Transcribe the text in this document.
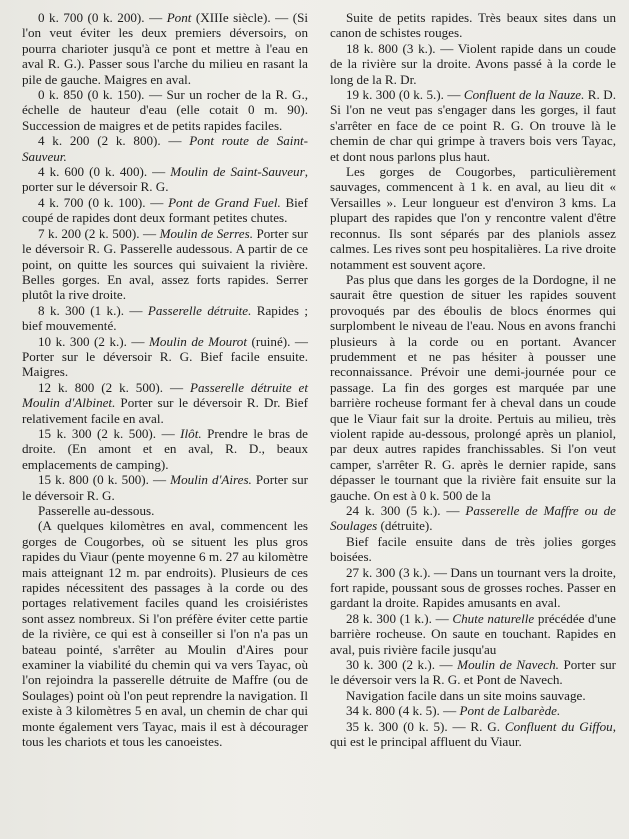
0 k. 700 (0 k. 200). — Pont (XIIIe siècle). — (Si l'on veut éviter les deux premiers déversoirs, on pourra charioter jusqu'à ce pont et mettre à l'eau en aval R. G.). Passer sous l'arche du milieu en rasant la pile de gauche. Maigres en aval.

0 k. 850 (0 k. 150). — Sur un rocher de la R. G., échelle de hauteur d'eau (elle cotait 0 m. 90). Succession de maigres et de petits rapides faciles.

4 k. 200 (2 k. 800). — Pont route de Saint-Sauveur.

4 k. 600 (0 k. 400). — Moulin de Saint-Sauveur, porter sur le déversoir R. G.

4 k. 700 (0 k. 100). — Pont de Grand Fuel. Bief coupé de rapides dont deux formant petites chutes.

7 k. 200 (2 k. 500). — Moulin de Serres. Porter sur le déversoir R. G. Passerelle audessous. A partir de ce point, on quitte les sources qui suivaient la rivière. Belles gorges. En aval, assez forts rapides. Serrer plutôt la rive droite.

8 k. 300 (1 k.). — Passerelle détruite. Rapides ; bief mouvementé.

10 k. 300 (2 k.). — Moulin de Mourot (ruiné). — Porter sur le déversoir R. G. Bief facile ensuite. Maigres.

12 k. 800 (2 k. 500). — Passerelle détruite et Moulin d'Albinet. Porter sur le déversoir R. Dr. Bief relativement facile en aval.

15 k. 300 (2 k. 500). — Ilôt. Prendre le bras de droite. (En amont et en aval, R. D., beaux emplacements de camping).

15 k. 800 (0 k. 500). — Moulin d'Aires. Porter sur le déversoir R. G.

Passerelle au-dessous.

(A quelques kilomètres en aval, commencent les gorges de Cougorbes, où se situent les plus gros rapides du Viaur (pente moyenne 6 m. 27 au kilomètre mais atteignant 12 m. par endroits). Plusieurs de ces rapides nécessitent des passages à la corde ou des portages relativement faciles quand les croisiéristes sont assez nombreux. Si l'on préfère éviter cette partie de la rivière, ce qui est à conseiller si l'on n'a pas un bateau pointé, s'arrêter au Moulin d'Aires pour examiner la viabilité du chemin qui va vers Tayac, où l'on rejoindra la passerelle détruite de Maffre (ou de Soulages) point où l'on peut reprendre la navigation. Il existe à 3 kilomètres 5 en aval, un chemin de char qui monte également vers Tayac, mais il est à décourager tous les chariots et tous les canoeistes.

Suite de petits rapides. Très beaux sites dans un canon de schistes rouges.

18 k. 800 (3 k.). — Violent rapide dans un coude de la rivière sur la droite. Avons passé à la corde le long de la R. Dr.

19 k. 300 (0 k. 5.). — Confluent de la Nauze. R. D. Si l'on ne veut pas s'engager dans les gorges, il faut s'arrêter en face de ce point R. G. On trouve là le chemin de char qui grimpe à travers bois vers Tayac, et dont nous parlons plus haut.

Les gorges de Cougorbes, particulièrement sauvages, commencent à 1 k. en aval, au lieu dit « Versailles ». Leur longueur est d'environ 3 kms. La plupart des rapides que l'on y rencontre valent d'être reconnus. Ils sont séparés par des planiols assez calmes. Les rives sont peu hospitalières. La rive droite notamment est souvent açore.

Pas plus que dans les gorges de la Dordogne, il ne saurait être question de situer les rapides souvent provoqués par des éboulis de blocs énormes qui surplombent le niveau de l'eau. Nous en avons franchi plusieurs à la corde ou en portant. Avancer prudemment et ne pas hésiter à pousser une reconnaissance. Prévoir une demi-journée pour ce passage. La fin des gorges est marquée par une barrière rocheuse formant fer à cheval dans un coude que le Viaur fait sur la droite. Pertuis au milieu, très violent rapide au-dessous, prolongé après un planiol, par deux autres rapides franchissables. Si l'on veut camper, s'arrêter R. G. après le dernier rapide, sans dépasser le tournant que la rivière fait ensuite sur la gauche. On est à 0 k. 500 de la

24 k. 300 (5 k.). — Passerelle de Maffre ou de Soulages (détruite).

Bief facile ensuite dans de très jolies gorges boisées.

27 k. 300 (3 k.). — Dans un tournant vers la droite, fort rapide, poussant sous de grosses roches. Passer en gardant la droite. Rapides amusants en aval.

28 k. 300 (1 k.). — Chute naturelle précédée d'une barrière rocheuse. On saute en touchant. Rapides en aval, puis rivière facile jusqu'au

30 k. 300 (2 k.). — Moulin de Navech. Porter sur le déversoir vers la R. G. et Pont de Navech.

Navigation facile dans un site moins sauvage.

34 k. 800 (4 k. 5). — Pont de Lalbarède.

35 k. 300 (0 k. 5). — R. G. Confluent du Giffou, qui est le principal affluent du Viaur.
